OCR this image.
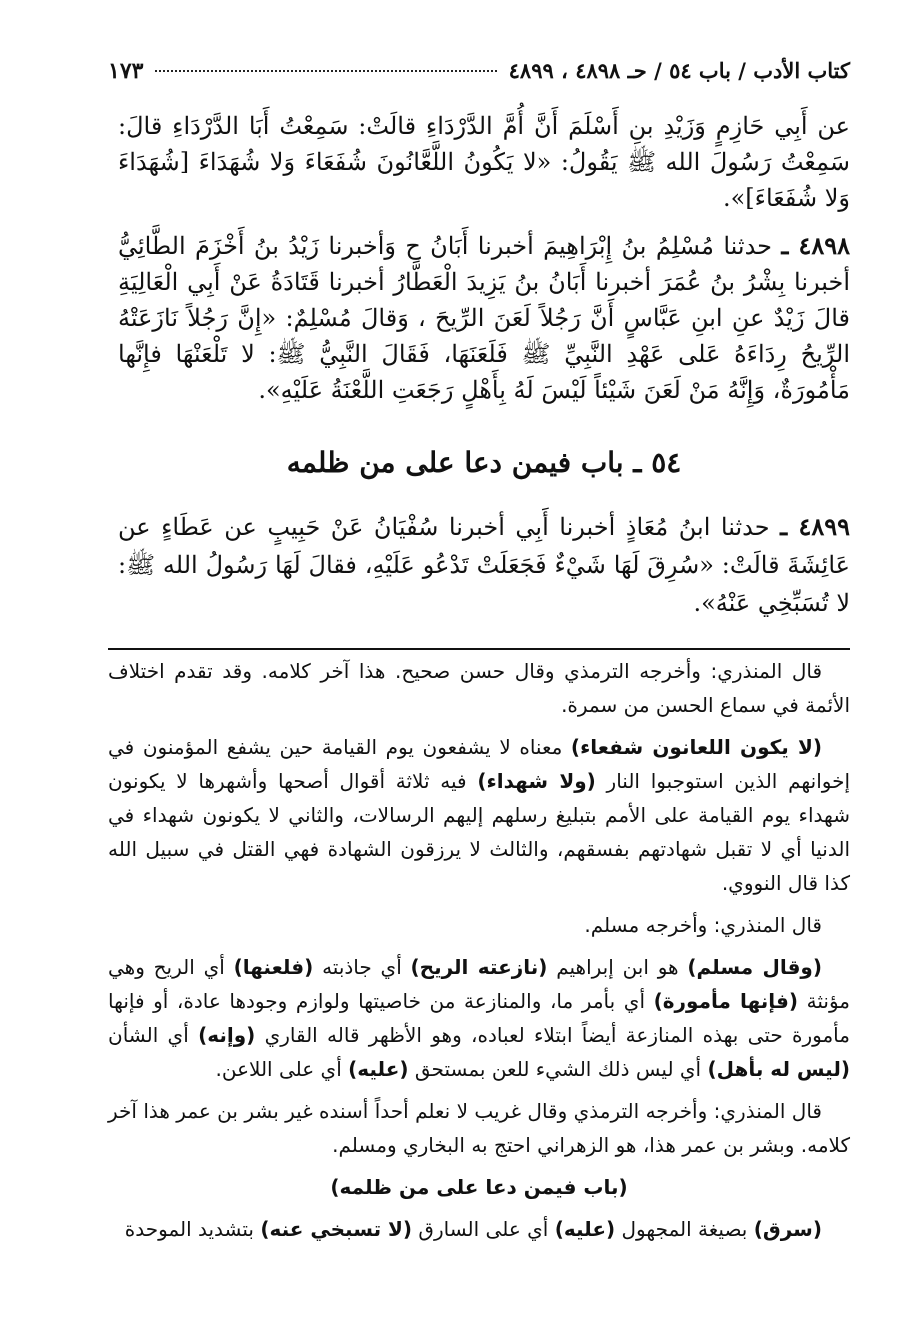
كتاب الأدب / باب ٥٤ / حـ ٤٨٩٨ ، ٤٨٩٩
١٧٣

عن أَبِي حَازِمٍ وَزَيْدِ بنِ أَسْلَمَ أَنَّ أُمَّ الدَّرْدَاءِ قالَتْ: سَمِعْتُ أَبَا الدَّرْدَاءِ قالَ: سَمِعْتُ رَسُولَ الله ﷺ يَقُولُ: «لا يَكُونُ اللَّعَّانُونَ شُفَعَاءَ وَلا شُهَدَاءَ [شُهَدَاءَ وَلا شُفَعَاءَ]».

٤٨٩٨ ـ حدثنا مُسْلِمُ بنُ إِبْرَاهِيمَ أخبرنا أَبَانُ ح وَأخبرنا زَيْدُ بنُ أَخْزَمَ الطَّائِيُّ أخبرنا بِشْرُ بنُ عُمَرَ أخبرنا أَبَانُ بنُ يَزِيدَ الْعَطَّارُ أخبرنا قَتَادَةُ عَنْ أَبِي الْعَالِيَةِ قالَ زَيْدٌ عنِ ابنِ عَبَّاسٍ أَنَّ رَجُلاً لَعَنَ الرِّيحَ ، وَقالَ مُسْلِمٌ: «إِنَّ رَجُلاً نَازَعَتْهُ الرِّيحُ رِدَاءَهُ عَلى عَهْدِ النَّبِيِّ ﷺ فَلَعَنَهَا، فَقَالَ النَّبِيُّ ﷺ: لا تَلْعَنْهَا فإِنَّها مَأْمُورَةٌ، وَإِنَّهُ مَنْ لَعَنَ شَيْئاً لَيْسَ لَهُ بِأَهْلٍ رَجَعَتِ اللَّعْنَةُ عَلَيْهِ».

٥٤ ـ باب فيمن دعا على من ظلمه

٤٨٩٩ ـ حدثنا ابنُ مُعَاذٍ أخبرنا أَبِي أخبرنا سُفْيَانُ عَنْ حَبِيبٍ عن عَطَاءٍ عن عَائِشَةَ قالَتْ: «سُرِقَ لَهَا شَيْءٌ فَجَعَلَتْ تَدْعُو عَلَيْهِ، فقالَ لَهَا رَسُولُ الله ﷺ: لا تُسَبِّخِي عَنْهُ».

قال المنذري: وأخرجه الترمذي وقال حسن صحيح. هذا آخر كلامه. وقد تقدم اختلاف الأئمة في سماع الحسن من سمرة.

(لا يكون اللعانون شفعاء) معناه لا يشفعون يوم القيامة حين يشفع المؤمنون في إخوانهم الذين استوجبوا النار (ولا شهداء) فيه ثلاثة أقوال أصحها وأشهرها لا يكونون شهداء يوم القيامة على الأمم بتبليغ رسلهم إليهم الرسالات، والثاني لا يكونون شهداء في الدنيا أي لا تقبل شهادتهم بفسقهم، والثالث لا يرزقون الشهادة فهي القتل في سبيل الله كذا قال النووي.

قال المنذري: وأخرجه مسلم.

(وقال مسلم) هو ابن إبراهيم (نازعته الريح) أي جاذبته (فلعنها) أي الريح وهي مؤنثة (فإنها مأمورة) أي بأمر ما، والمنازعة من خاصيتها ولوازم وجودها عادة، أو فإنها مأمورة حتى بهذه المنازعة أيضاً ابتلاء لعباده، وهو الأظهر قاله القاري (وإنه) أي الشأن (ليس له بأهل) أي ليس ذلك الشيء للعن بمستحق (عليه) أي على اللاعن.

قال المنذري: وأخرجه الترمذي وقال غريب لا نعلم أحداً أسنده غير بشر بن عمر هذا آخر كلامه. وبشر بن عمر هذا، هو الزهراني احتج به البخاري ومسلم.

(باب فيمن دعا على من ظلمه)

(سرق) بصيغة المجهول (عليه) أي على السارق (لا تسبخي عنه) بتشديد الموحدة
